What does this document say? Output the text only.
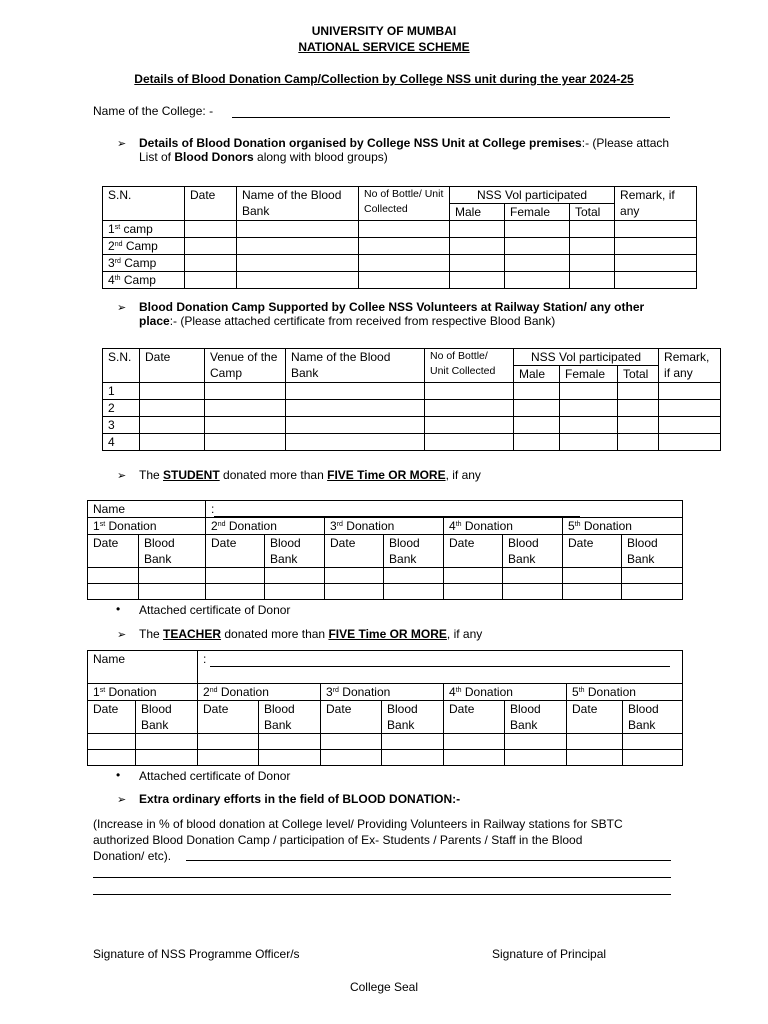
UNIVERSITY OF MUMBAI
NATIONAL SERVICE SCHEME
Details of Blood Donation Camp/Collection by College NSS unit during the year 2024-25
Name of the College: -
➢ Details of Blood Donation organised by College NSS Unit at College premises:- (Please attach
List of Blood Donors along with blood groups)
S.N.	Date	Name of the Blood Bank	No of Bottle/ Unit Collected	NSS Vol participated			Remark, if any
				Male	Female	Total	
1st camp							
2nd Camp							
3rd Camp							
4th Camp							
➢ Blood Donation Camp Supported by Collee NSS Volunteers at Railway Station/ any other
place:- (Please attached certificate from received from respective Blood Bank)
S.N.	Date	Venue of the Camp	Name of the Blood Bank	No of Bottle/ Unit Collected	NSS Vol participated			Remark, if any
					Male	Female	Total	
1								
2								
3								
4								
➢ The STUDENT donated more than FIVE Time OR MORE, if any
Name		:							
1st Donation		2nd Donation		3rd Donation		4th Donation		5th Donation	
Date	Blood Bank	Date	Blood Bank	Date	Blood Bank	Date	Blood Bank	Date	Blood Bank

• Attached certificate of Donor
➢ The TEACHER donated more than FIVE Time OR MORE, if any
Name		:							
1st Donation		2nd Donation		3rd Donation		4th Donation		5th Donation	
Date	Blood Bank	Date	Blood Bank	Date	Blood Bank	Date	Blood Bank	Date	Blood Bank

• Attached certificate of Donor
➢ Extra ordinary efforts in the field of BLOOD DONATION:-
(Increase in % of blood donation at College level/ Providing Volunteers in Railway stations for SBTC
authorized Blood Donation Camp / participation of Ex- Students / Parents / Staff in the Blood
Donation/ etc).
Signature of NSS Programme Officer/s	Signature of Principal
College Seal
